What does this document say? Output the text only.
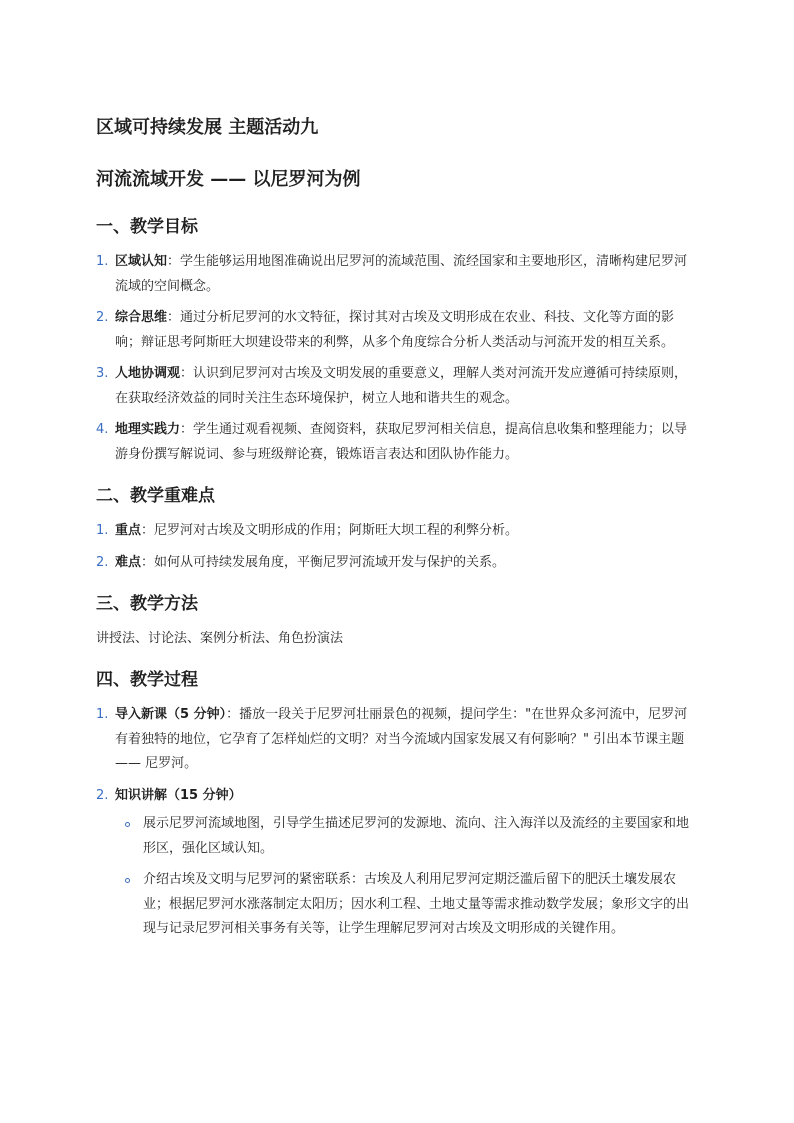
区域可持续发展 主题活动九
河流流域开发 —— 以尼罗河为例
一、教学目标
1. 区域认知：学生能够运用地图准确说出尼罗河的流域范围、流经国家和主要地形区，清晰构建尼罗河流域的空间概念。
2. 综合思维：通过分析尼罗河的水文特征，探讨其对古埃及文明形成在农业、科技、文化等方面的影响；辩证思考阿斯旺大坝建设带来的利弊，从多个角度综合分析人类活动与河流开发的相互关系。
3. 人地协调观：认识到尼罗河对古埃及文明发展的重要意义，理解人类对河流开发应遵循可持续原则，在获取经济效益的同时关注生态环境保护，树立人地和谐共生的观念。
4. 地理实践力：学生通过观看视频、查阅资料，获取尼罗河相关信息，提高信息收集和整理能力；以导游身份撰写解说词、参与班级辩论赛，锻炼语言表达和团队协作能力。
二、教学重难点
1. 重点：尼罗河对古埃及文明形成的作用；阿斯旺大坝工程的利弊分析。
2. 难点：如何从可持续发展角度，平衡尼罗河流域开发与保护的关系。
三、教学方法

讲授法、讨论法、案例分析法、角色扮演法

四、教学过程
1. 导入新课（5 分钟）：播放一段关于尼罗河壮丽景色的视频，提问学生："在世界众多河流中，尼罗河有着独特的地位，它孕育了怎样灿烂的文明？对当今流域内国家发展又有何影响？" 引出本节课主题 —— 尼罗河。
2. 知识讲解（15 分钟）
展示尼罗河流域地图，引导学生描述尼罗河的发源地、流向、注入海洋以及流经的主要国家和地形区，强化区域认知。
介绍古埃及文明与尼罗河的紧密联系：古埃及人利用尼罗河定期泛滥后留下的肥沃土壤发展农业；根据尼罗河水涨落制定太阳历；因水利工程、土地丈量等需求推动数学发展；象形文字的出现与记录尼罗河相关事务有关等，让学生理解尼罗河对古埃及文明形成的关键作用。
